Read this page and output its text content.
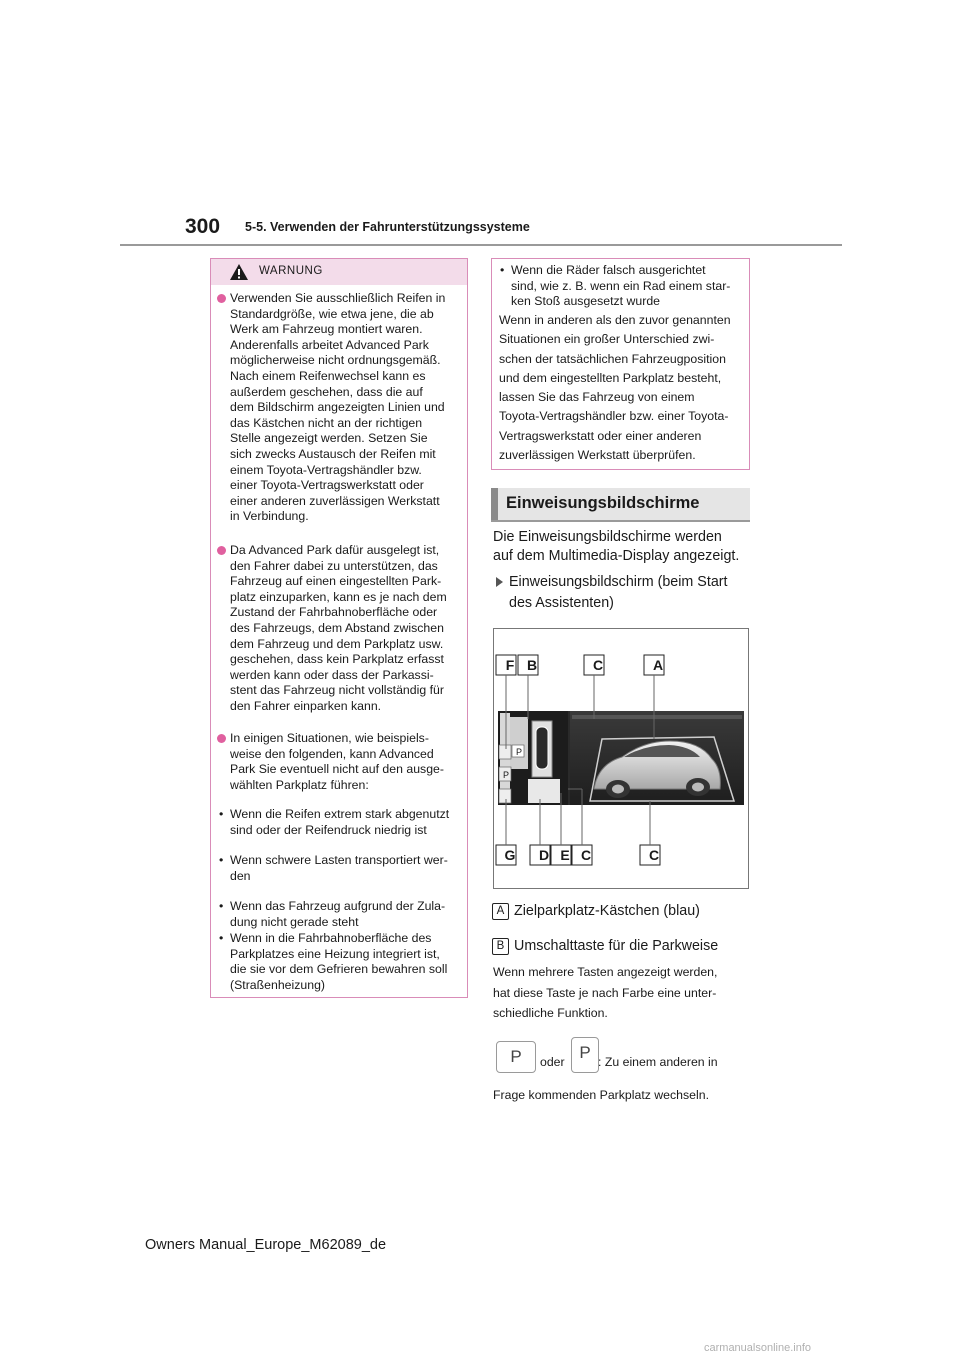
300 5-5. Verwenden der Fahrunterstützungssysteme
WARNUNG
Verwenden Sie ausschließlich Reifen in
Standardgröße, wie etwa jene, die ab
Werk am Fahrzeug montiert waren.
Anderenfalls arbeitet Advanced Park
möglicherweise nicht ordnungsgemäß.
Nach einem Reifenwechsel kann es
außerdem geschehen, dass die auf
dem Bildschirm angezeigten Linien und
das Kästchen nicht an der richtigen
Stelle angezeigt werden. Setzen Sie
sich zwecks Austausch der Reifen mit
einem Toyota-Vertragshändler bzw.
einer Toyota-Vertragswerkstatt oder
einer anderen zuverlässigen Werkstatt
in Verbindung.
Da Advanced Park dafür ausgelegt ist,
den Fahrer dabei zu unterstützen, das
Fahrzeug auf einen eingestellten Park-
platz einzuparken, kann es je nach dem
Zustand der Fahrbahnoberfläche oder
des Fahrzeugs, dem Abstand zwischen
dem Fahrzeug und dem Parkplatz usw.
geschehen, dass kein Parkplatz erfasst
werden kann oder dass der Parkassi-
stent das Fahrzeug nicht vollständig für
den Fahrer einparken kann.
In einigen Situationen, wie beispiels-
weise den folgenden, kann Advanced
Park Sie eventuell nicht auf den ausge-
wählten Parkplatz führen:
• Wenn die Reifen extrem stark abgenutzt
sind oder der Reifendruck niedrig ist
• Wenn schwere Lasten transportiert wer-
den
• Wenn das Fahrzeug aufgrund der Zula-
dung nicht gerade steht
• Wenn in die Fahrbahnoberfläche des
Parkplatzes eine Heizung integriert ist,
die sie vor dem Gefrieren bewahren soll
(Straßenheizung)
• Wenn die Räder falsch ausgerichtet
sind, wie z. B. wenn ein Rad einem star-
ken Stoß ausgesetzt wurde
Wenn in anderen als den zuvor genannten
Situationen ein großer Unterschied zwi-
schen der tatsächlichen Fahrzeugposition
und dem eingestellten Parkplatz besteht,
lassen Sie das Fahrzeug von einem
Toyota-Vertragshändler bzw. einer Toyota-
Vertragswerkstatt oder einer anderen
zuverlässigen Werkstatt überprüfen.
Einweisungsbildschirme
Die Einweisungsbildschirme werden
auf dem Multimedia-Display angezeigt.
Einweisungsbildschirm (beim Start
des Assistenten)
F B	C	A
G	D E C	C
P
P
A Zielparkplatz-Kästchen (blau)
B Umschalttaste für die Parkweise
Wenn mehrere Tasten angezeigt werden,
hat diese Taste je nach Farbe eine unter-
schiedliche Funktion.
P	oder P : Zu einem anderen in
Frage kommenden Parkplatz wechseln.
Owners Manual_Europe_M62089_de
carmanualsonline.info
